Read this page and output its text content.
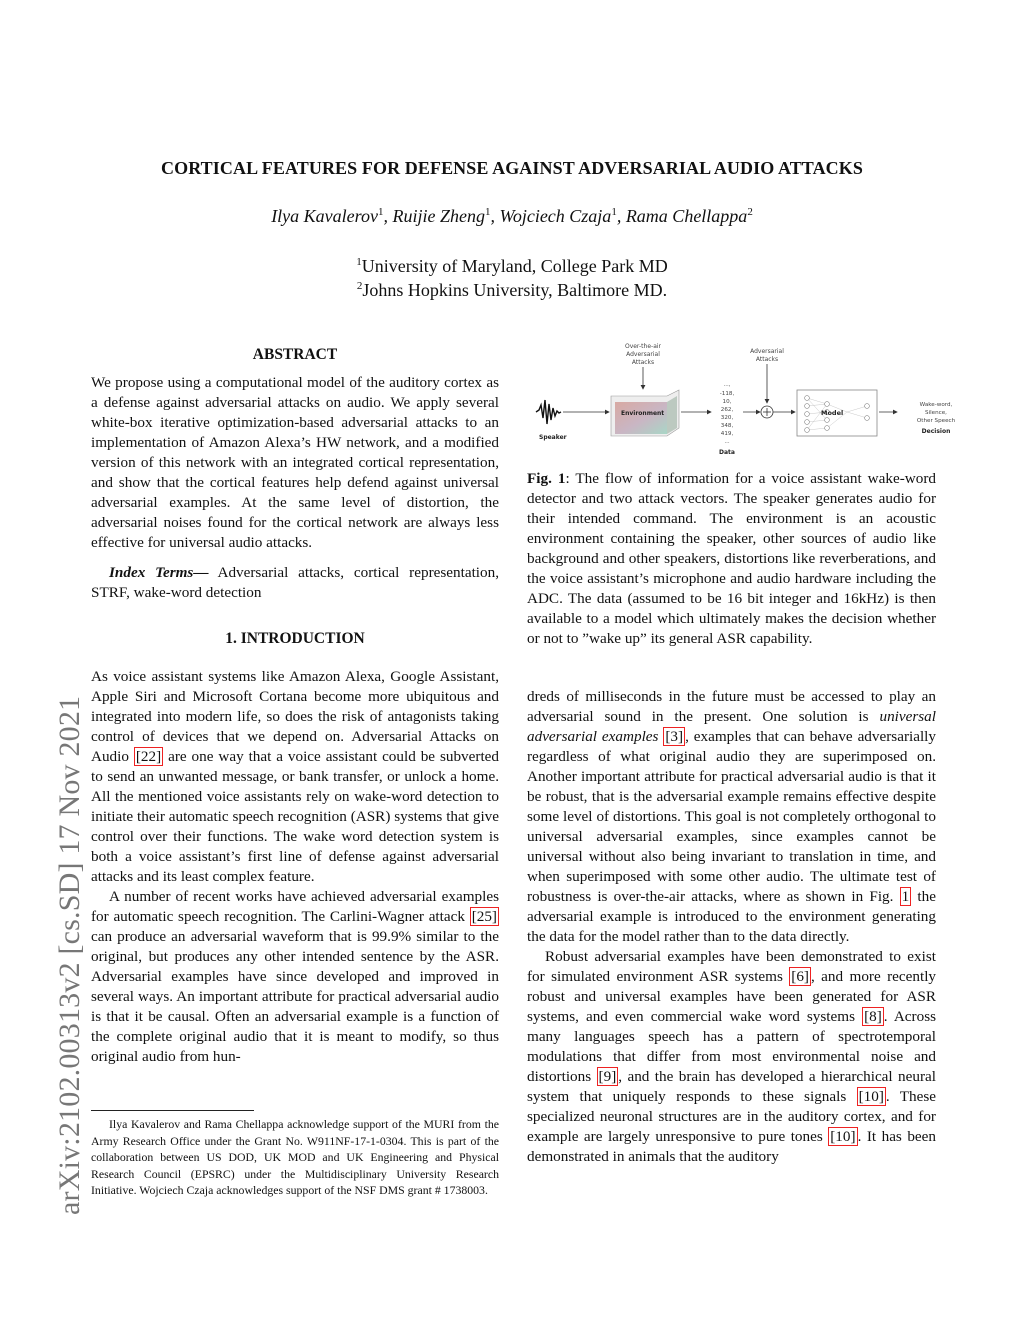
arXiv:2102.00313v2 [cs.SD] 17 Nov 2021
CORTICAL FEATURES FOR DEFENSE AGAINST ADVERSARIAL AUDIO ATTACKS
Ilya Kavalerov$^1$, Ruijie Zheng$^1$, Wojciech Czaja$^1$, Rama Chellappa$^2$
$^1$University of Maryland, College Park MD
$^2$Johns Hopkins University, Baltimore MD.

ABSTRACT

We propose using a computational model of the auditory cortex as a defense against adversarial attacks on audio. We apply several white-box iterative optimization-based adversarial attacks to an implementation of Amazon Alexa’s HW network, and a modified version of this network with an integrated cortical representation, and show that the cortical features help defend against universal adversarial examples. At the same level of distortion, the adversarial noises found for the cortical network are always less effective for universal audio attacks.

Index Terms— Adversarial attacks, cortical representation, STRF, wake-word detection

1. INTRODUCTION

As voice assistant systems like Amazon Alexa, Google Assistant, Apple Siri and Microsoft Cortana become more ubiquitous and integrated into modern life, so does the risk of antagonists taking control of devices that we depend on. Adversarial Attacks on Audio [22] are one way that a voice assistant could be subverted to send an unwanted message, or bank transfer, or unlock a home. All the mentioned voice assistants rely on wake-word detection to initiate their automatic speech recognition (ASR) systems that give control over their functions. The wake word detection system is both a voice assistant’s first line of defense against adversarial attacks and its least complex feature.

A number of recent works have achieved adversarial examples for automatic speech recognition. The Carlini-Wagner attack [25] can produce an adversarial waveform that is 99.9% similar to the original, but produces any other intended sentence by the ASR. Adversarial examples have since developed and improved in several ways. An important attribute for practical adversarial audio is that it be causal. Often an adversarial example is a function of the complete original audio that it is meant to modify, so thus original audio from hun-

Ilya Kavalerov and Rama Chellappa acknowledge support of the MURI from the Army Research Office under the Grant No. W911NF-17-1-0304. This is part of the collaboration between US DOD, UK MOD and UK Engineering and Physical Research Council (EPSRC) under the Multidisciplinary University Research Initiative. Wojciech Czaja acknowledges support of the NSF DMS grant # 1738003.
Over-the-air
Adversarial
Attacks
Adversarial
Attacks
Speaker
Environment
...,
-118,
10,
262,
320,
348,
419,
...
Data
Model
Wake-word,
Silence,
Other Speech
Decision

Fig. 1: The flow of information for a voice assistant wake-word detector and two attack vectors. The speaker generates audio for their intended command. The environment is an acoustic environment containing the speaker, other sources of audio like background and other speakers, distortions like reverberations, and the voice assistant’s microphone and audio hardware including the ADC. The data (assumed to be 16 bit integer and 16kHz) is then available to a model which ultimately makes the decision whether or not to ”wake up” its general ASR capability.

dreds of milliseconds in the future must be accessed to play an adversarial sound in the present. One solution is universal adversarial examples [3] , examples that can behave adversarially regardless of what original audio they are superimposed on. Another important attribute for practical adversarial audio is that it be robust, that is the adversarial example remains effective despite some level of distortions. This goal is not completely orthogonal to universal adversarial examples, since examples cannot be universal without also being invariant to translation in time, and when superimposed with some other audio. The ultimate test of robustness is over-the-air attacks, where as shown in Fig. 1 the adversarial example is introduced to the environment generating the data for the model rather than to the data directly.

Robust adversarial examples have been demonstrated to exist for simulated environment ASR systems [6] , and more recently robust and universal examples have been generated for ASR systems, and even commercial wake word systems [8] . Across many languages speech has a pattern of spectrotemporal modulations that differ from most environmental noise and distortions [9] , and the brain has developed a hierarchical neural system that uniquely responds to these signals [10] . These specialized neuronal structures are in the auditory cortex, and for example are largely unresponsive to pure tones [10] . It has been demonstrated in animals that the auditory
